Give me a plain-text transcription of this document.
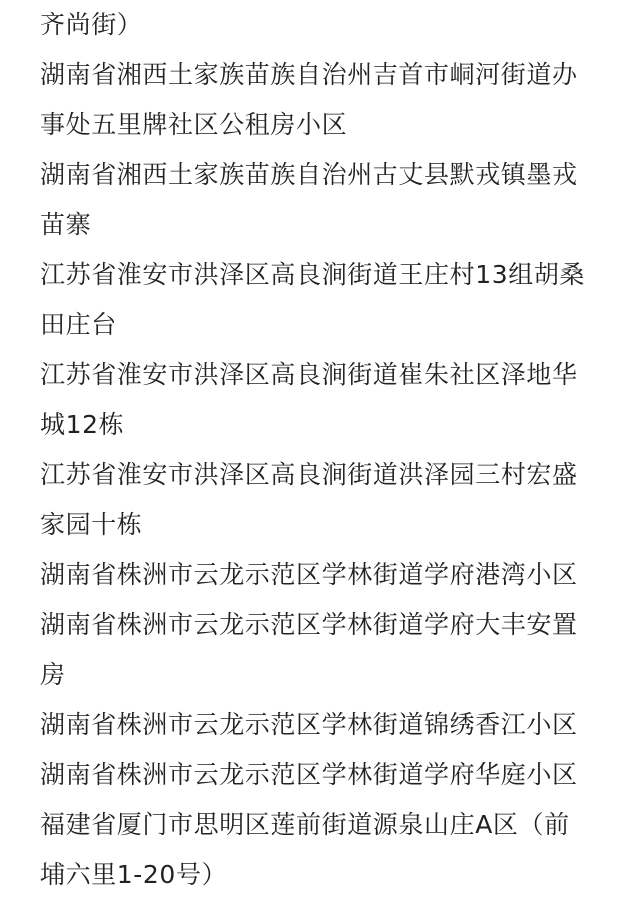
齐尚街）
湖南省湘西土家族苗族自治州吉首市峒河街道办
事处五里牌社区公租房小区
湖南省湘西土家族苗族自治州古丈县默戎镇墨戎
苗寨
江苏省淮安市洪泽区高良涧街道王庄村13组胡桑
田庄台
江苏省淮安市洪泽区高良涧街道崔朱社区泽地华
城12栋
江苏省淮安市洪泽区高良涧街道洪泽园三村宏盛
家园十栋
湖南省株洲市云龙示范区学林街道学府港湾小区
湖南省株洲市云龙示范区学林街道学府大丰安置
房
湖南省株洲市云龙示范区学林街道锦绣香江小区
湖南省株洲市云龙示范区学林街道学府华庭小区
福建省厦门市思明区莲前街道源泉山庄A区（前
埔六里1-20号）
